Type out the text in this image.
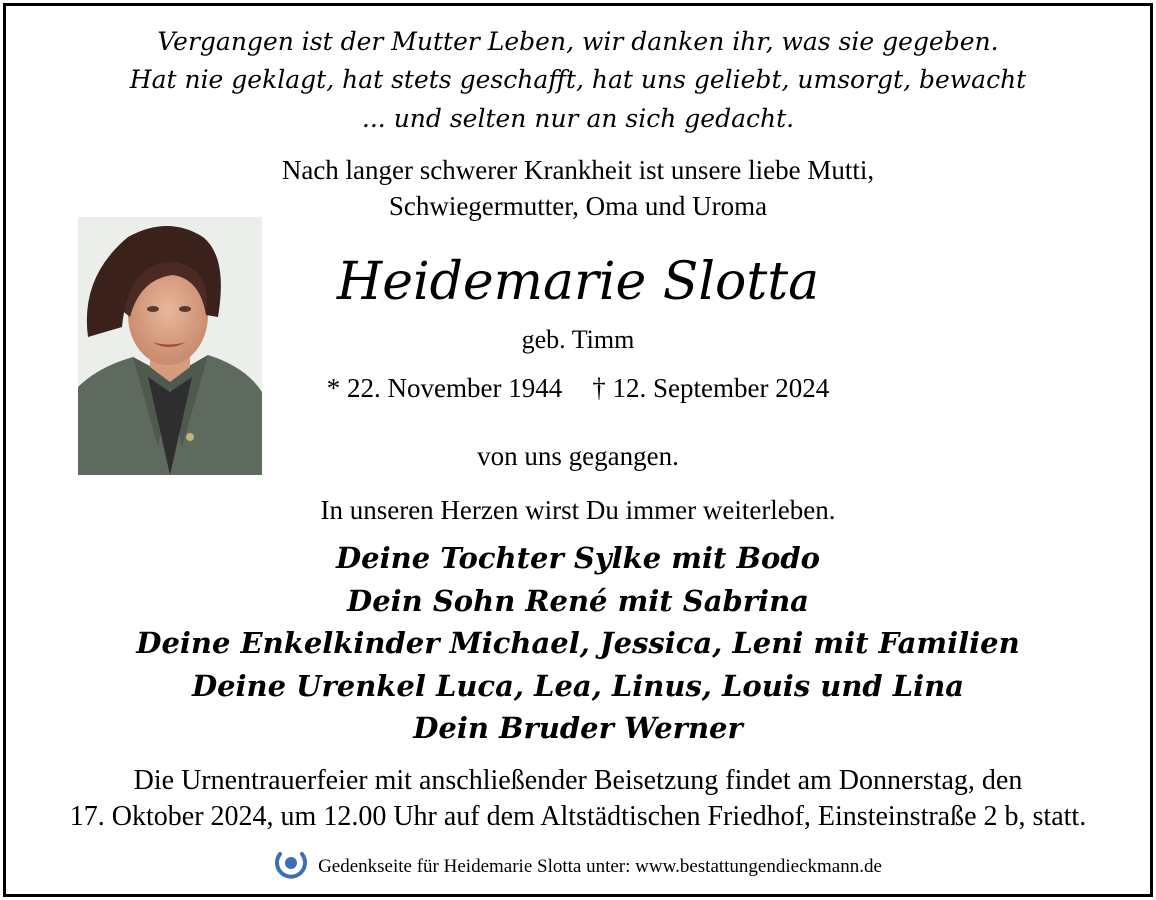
Vergangen ist der Mutter Leben, wir danken ihr, was sie gegeben.
Hat nie geklagt, hat stets geschafft, hat uns geliebt, umsorgt, bewacht
... und selten nur an sich gedacht.
Nach langer schwerer Krankheit ist unsere liebe Mutti,
Schwiegermutter, Oma und Uroma
Heidemarie Slotta
geb. Timm
* 22. November 1944 † 12. September 2024
von uns gegangen.
In unseren Herzen wirst Du immer weiterleben.
Deine Tochter Sylke mit Bodo
Dein Sohn René mit Sabrina
Deine Enkelkinder Michael, Jessica, Leni mit Familien
Deine Urenkel Luca, Lea, Linus, Louis und Lina
Dein Bruder Werner
Die Urnentrauerfeier mit anschließender Beisetzung findet am Donnerstag, den
17. Oktober 2024, um 12.00 Uhr auf dem Altstädtischen Friedhof, Einsteinstraße 2 b, statt.
Gedenkseite für Heidemarie Slotta unter: www.bestattungendieckmann.de
